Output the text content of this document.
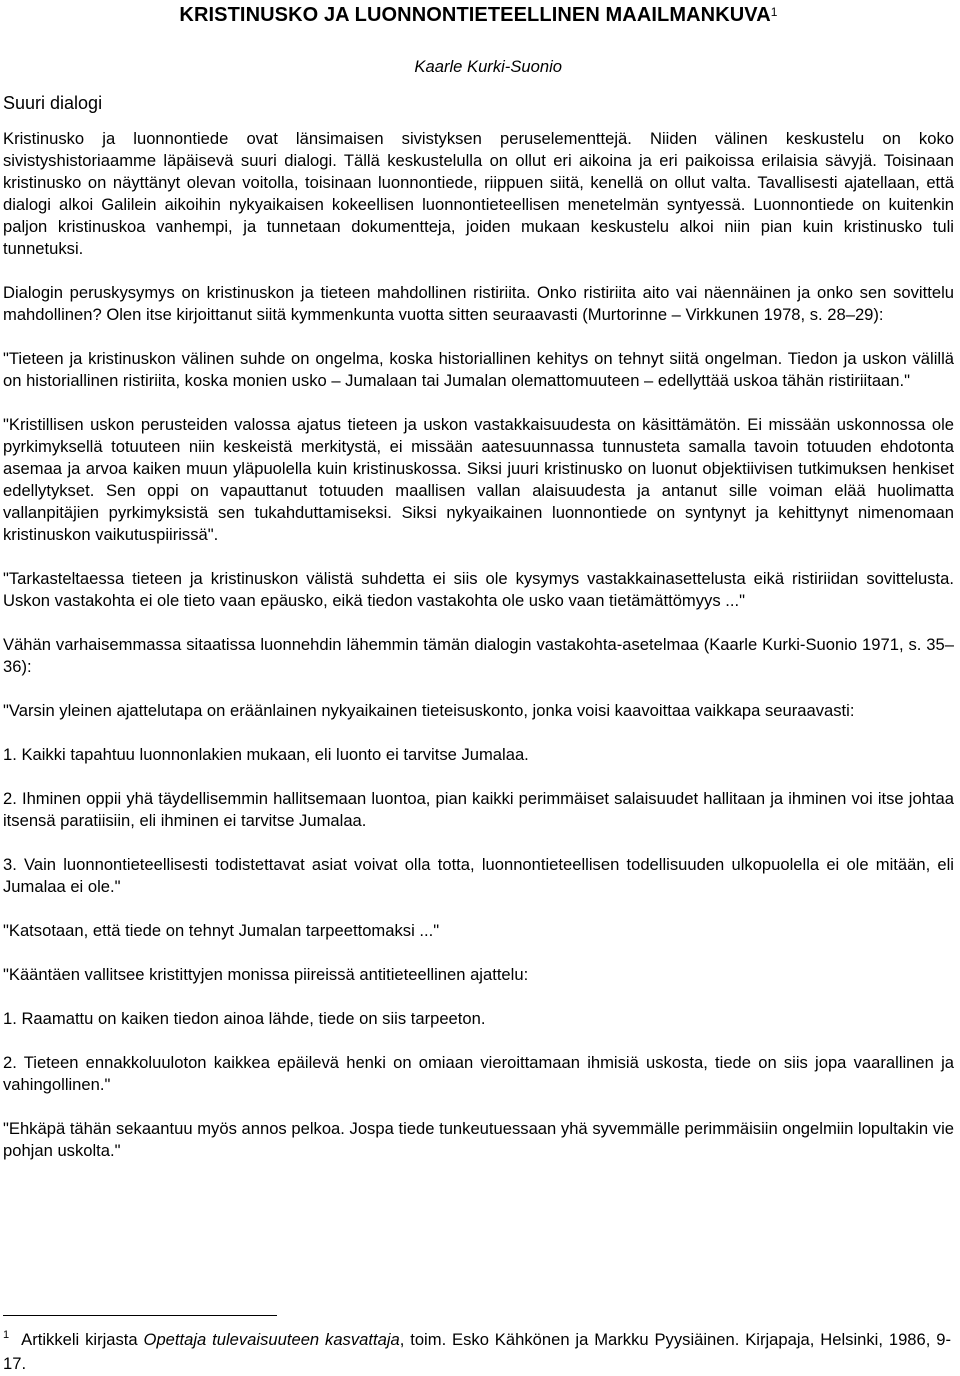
KRISTINUSKO JA LUONNONTIETEELLINEN MAAILMANKUVA$^1$

Kaarle Kurki-Suonio

Suuri dialogi

Kristinusko ja luonnontiede ovat länsimaisen sivistyksen peruselementtejä. Niiden välinen keskustelu on koko sivistyshistoriaamme läpäisevä suuri dialogi. Tällä keskustelulla on ollut eri aikoina ja eri paikoissa erilaisia sävyjä. Toisinaan kristinusko on näyttänyt olevan voitolla, toisinaan luonnontiede, riippuen siitä, kenellä on ollut valta. Tavallisesti ajatellaan, että dialogi alkoi Galilein aikoihin nykyaikaisen kokeellisen luonnontieteellisen menetelmän syntyessä. Luonnontiede on kuitenkin paljon kristinuskoa vanhempi, ja tunnetaan dokumentteja, joiden mukaan keskustelu alkoi niin pian kuin kristinusko tuli tunnetuksi.

Dialogin peruskysymys on kristinuskon ja tieteen mahdollinen ristiriita. Onko ristiriita aito vai näennäinen ja onko sen sovittelu mahdollinen? Olen itse kirjoittanut siitä kymmenkunta vuotta sitten seuraavasti (Murtorinne – Virkkunen 1978, s. 28–29):

"Tieteen ja kristinuskon välinen suhde on ongelma, koska historiallinen kehitys on tehnyt siitä ongelman. Tiedon ja uskon välillä on historiallinen ristiriita, koska monien usko – Jumalaan tai Jumalan olemattomuuteen – edellyttää uskoa tähän ristiriitaan."

"Kristillisen uskon perusteiden valossa ajatus tieteen ja uskon vastakkaisuudesta on käsittämätön. Ei missään uskonnossa ole pyrkimyksellä totuuteen niin keskeistä merkitystä, ei missään aatesuunnassa tunnusteta samalla tavoin totuuden ehdotonta asemaa ja arvoa kaiken muun yläpuolella kuin kristinuskossa. Siksi juuri kristinusko on luonut objektiivisen tutkimuksen henkiset edellytykset. Sen oppi on vapauttanut totuuden maallisen vallan alaisuudesta ja antanut sille voiman elää huolimatta vallanpitäjien pyrkimyksistä sen tukahduttamiseksi. Siksi nykyaikainen luonnontiede on syntynyt ja kehittynyt nimenomaan kristinuskon vaikutuspiirissä".

"Tarkasteltaessa tieteen ja kristinuskon välistä suhdetta ei siis ole kysymys vastakkainasettelusta eikä ristiriidan sovittelusta. Uskon vastakohta ei ole tieto vaan epäusko, eikä tiedon vastakohta ole usko vaan tietämättömyys ..."

Vähän varhaisemmassa sitaatissa luonnehdin lähemmin tämän dialogin vastakohta-asetelmaa (Kaarle Kurki-Suonio 1971, s. 35–36):

"Varsin yleinen ajattelutapa on eräänlainen nykyaikainen tieteisuskonto, jonka voisi kaavoittaa vaikkapa seuraavasti:

1. Kaikki tapahtuu luonnonlakien mukaan, eli luonto ei tarvitse Jumalaa.

2. Ihminen oppii yhä täydellisemmin hallitsemaan luontoa, pian kaikki perimmäiset salaisuudet hallitaan ja ihminen voi itse johtaa itsensä paratiisiin, eli ihminen ei tarvitse Jumalaa.

3. Vain luonnontieteellisesti todistettavat asiat voivat olla totta, luonnontieteellisen todellisuuden ulkopuolella ei ole mitään, eli Jumalaa ei ole."

"Katsotaan, että tiede on tehnyt Jumalan tarpeettomaksi ..."

"Kääntäen vallitsee kristittyjen monissa piireissä antitieteellinen ajattelu:

1. Raamattu on kaiken tiedon ainoa lähde, tiede on siis tarpeeton.

2. Tieteen ennakkoluuloton kaikkea epäilevä henki on omiaan vieroittamaan ihmisiä uskosta, tiede on siis jopa vaarallinen ja vahingollinen."

"Ehkäpä tähän sekaantuu myös annos pelkoa. Jospa tiede tunkeutuessaan yhä syvemmälle perimmäisiin ongelmiin lopultakin vie pohjan uskolta."

$^1$ Artikkeli kirjasta Opettaja tulevaisuuteen kasvattaja, toim. Esko Kähkönen ja Markku Pyysiäinen. Kirjapaja, Helsinki, 1986, 9-17.
